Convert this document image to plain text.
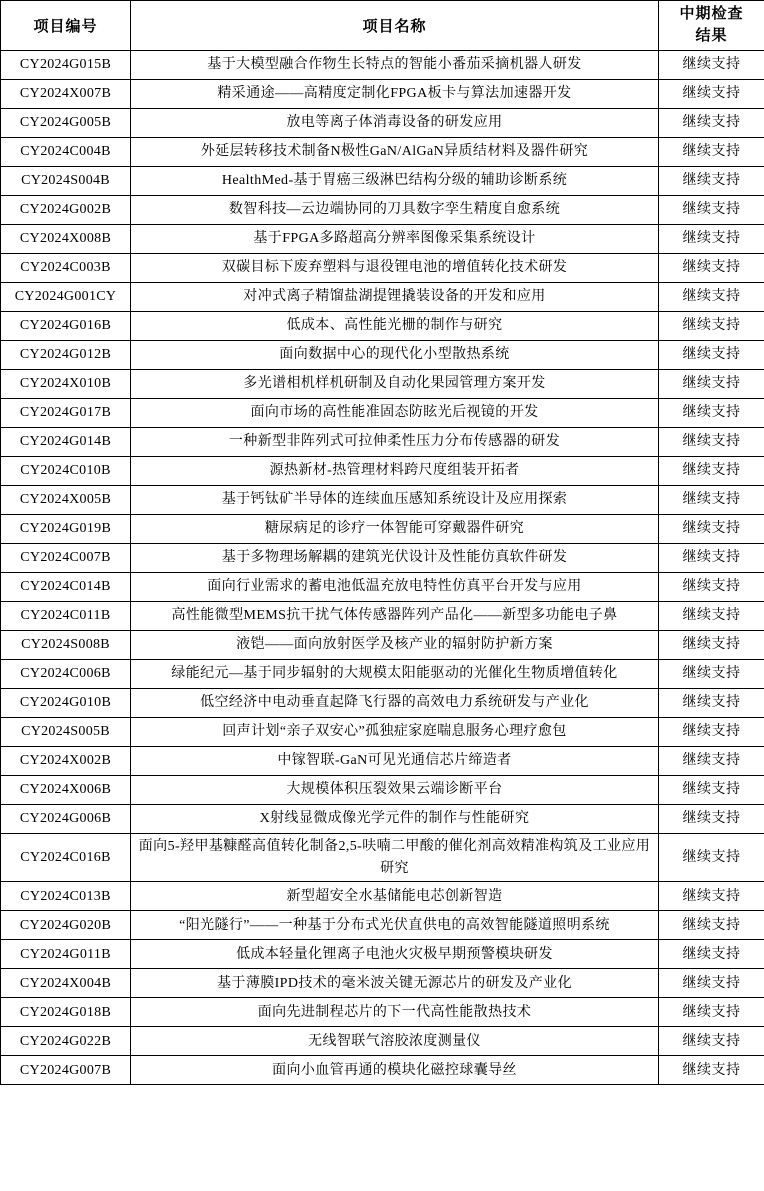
项目编号	项目名称	中期检查结果
CY2024G015B	基于大模型融合作物生长特点的智能小番茄采摘机器人研发	继续支持
CY2024X007B	精采通途——高精度定制化FPGA板卡与算法加速器开发	继续支持
CY2024G005B	放电等离子体消毒设备的研发应用	继续支持
CY2024C004B	外延层转移技术制备N极性GaN/AlGaN异质结材料及器件研究	继续支持
CY2024S004B	HealthMed-基于胃癌三级淋巴结构分级的辅助诊断系统	继续支持
CY2024G002B	数智科技—云边端协同的刀具数字孪生精度自愈系统	继续支持
CY2024X008B	基于FPGA多路超高分辨率图像采集系统设计	继续支持
CY2024C003B	双碳目标下废弃塑料与退役锂电池的增值转化技术研发	继续支持
CY2024G001CY	对冲式离子精馏盐湖提锂撬装设备的开发和应用	继续支持
CY2024G016B	低成本、高性能光栅的制作与研究	继续支持
CY2024G012B	面向数据中心的现代化小型散热系统	继续支持
CY2024X010B	多光谱相机样机研制及自动化果园管理方案开发	继续支持
CY2024G017B	面向市场的高性能准固态防眩光后视镜的开发	继续支持
CY2024G014B	一种新型非阵列式可拉伸柔性压力分布传感器的研发	继续支持
CY2024C010B	源热新材-热管理材料跨尺度组装开拓者	继续支持
CY2024X005B	基于钙钛矿半导体的连续血压感知系统设计及应用探索	继续支持
CY2024G019B	糖尿病足的诊疗一体智能可穿戴器件研究	继续支持
CY2024C007B	基于多物理场解耦的建筑光伏设计及性能仿真软件研发	继续支持
CY2024C014B	面向行业需求的蓄电池低温充放电特性仿真平台开发与应用	继续支持
CY2024C011B	高性能微型MEMS抗干扰气体传感器阵列产品化——新型多功能电子鼻	继续支持
CY2024S008B	液铠——面向放射医学及核产业的辐射防护新方案	继续支持
CY2024C006B	绿能纪元—基于同步辐射的大规模太阳能驱动的光催化生物质增值转化	继续支持
CY2024G010B	低空经济中电动垂直起降飞行器的高效电力系统研发与产业化	继续支持
CY2024S005B	回声计划“亲子双安心”孤独症家庭喘息服务心理疗愈包	继续支持
CY2024X002B	中镓智联-GaN可见光通信芯片缔造者	继续支持
CY2024X006B	大规模体积压裂效果云端诊断平台	继续支持
CY2024G006B	X射线显微成像光学元件的制作与性能研究	继续支持
CY2024C016B	面向5-羟甲基糠醛高值转化制备2,5-呋喃二甲酸的催化剂高效精准构筑及工业应用研究	继续支持
CY2024C013B	新型超安全水基储能电芯创新智造	继续支持
CY2024G020B	“阳光隧行”——一种基于分布式光伏直供电的高效智能隧道照明系统	继续支持
CY2024G011B	低成本轻量化锂离子电池火灾极早期预警模块研发	继续支持
CY2024X004B	基于薄膜IPD技术的毫米波关键无源芯片的研发及产业化	继续支持
CY2024G018B	面向先进制程芯片的下一代高性能散热技术	继续支持
CY2024G022B	无线智联气溶胶浓度测量仪	继续支持
CY2024G007B	面向小血管再通的模块化磁控球囊导丝	继续支持
